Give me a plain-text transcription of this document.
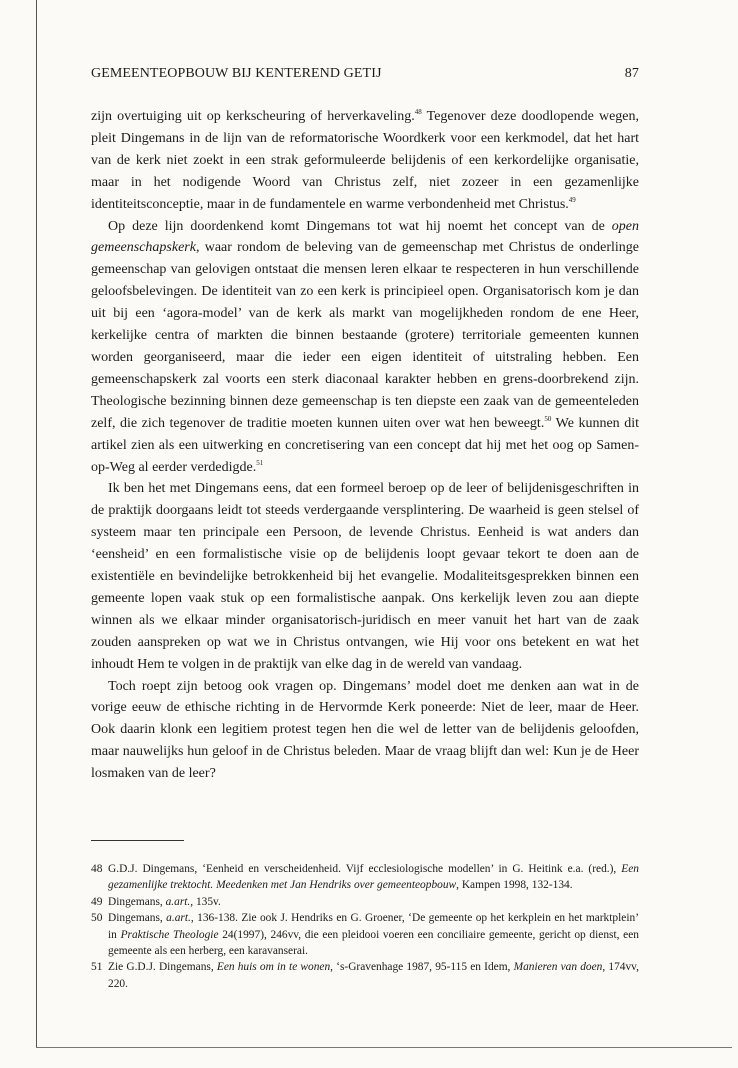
GEMEENTEOPBOUW BIJ KENTEREND GETIJ	87

zijn overtuiging uit op kerkscheuring of herverkaveling.$^{48}$ Tegenover deze doodlopende wegen, pleit Dingemans in de lijn van de reformatorische Woordkerk voor een kerkmodel, dat het hart van de kerk niet zoekt in een strak geformuleerde belijdenis of een kerkordelijke organisatie, maar in het nodigende Woord van Christus zelf, niet zozeer in een gezamenlijke identiteitsconceptie, maar in de fundamentele en warme verbondenheid met Christus.$^{49}$

Op deze lijn doordenkend komt Dingemans tot wat hij noemt het concept van de open gemeenschapskerk, waar rondom de beleving van de gemeenschap met Christus de onderlinge gemeenschap van gelovigen ontstaat die mensen leren elkaar te respecteren in hun verschillende geloofsbelevingen. De identiteit van zo een kerk is principieel open. Organisatorisch kom je dan uit bij een ‘agora-model’ van de kerk als markt van mogelijkheden rondom de ene Heer, kerkelijke centra of markten die binnen bestaande (grotere) territoriale gemeenten kunnen worden georganiseerd, maar die ieder een eigen identiteit of uitstraling hebben. Een gemeenschapskerk zal voorts een sterk diaconaal karakter hebben en grens-doorbrekend zijn. Theologische bezinning binnen deze gemeenschap is ten diepste een zaak van de gemeenteleden zelf, die zich tegenover de traditie moeten kunnen uiten over wat hen beweegt.$^{50}$ We kunnen dit artikel zien als een uitwerking en concretisering van een concept dat hij met het oog op Samen-op-Weg al eerder verdedigde.$^{51}$

Ik ben het met Dingemans eens, dat een formeel beroep op de leer of belijdenisgeschriften in de praktijk doorgaans leidt tot steeds verdergaande versplintering. De waarheid is geen stelsel of systeem maar ten principale een Persoon, de levende Christus. Eenheid is wat anders dan ‘eensheid’ en een formalistische visie op de belijdenis loopt gevaar tekort te doen aan de existentiële en bevindelijke betrokkenheid bij het evangelie. Modaliteitsgesprekken binnen een gemeente lopen vaak stuk op een formalistische aanpak. Ons kerkelijk leven zou aan diepte winnen als we elkaar minder organisatorisch-juridisch en meer vanuit het hart van de zaak zouden aanspreken op wat we in Christus ontvangen, wie Hij voor ons betekent en wat het inhoudt Hem te volgen in de praktijk van elke dag in de wereld van vandaag.

Toch roept zijn betoog ook vragen op. Dingemans’ model doet me denken aan wat in de vorige eeuw de ethische richting in de Hervormde Kerk poneerde: Niet de leer, maar de Heer. Ook daarin klonk een legitiem protest tegen hen die wel de letter van de belijdenis geloofden, maar nauwelijks hun geloof in de Christus beleden. Maar de vraag blijft dan wel: Kun je de Heer losmaken van de leer?

48 G.D.J. Dingemans, ‘Eenheid en verscheidenheid. Vijf ecclesiologische modellen’ in G. Heitink e.a. (red.), Een gezamenlijke trektocht. Meedenken met Jan Hendriks over gemeenteopbouw, Kampen 1998, 132-134.
49 Dingemans, a.art., 135v.
50 Dingemans, a.art., 136-138. Zie ook J. Hendriks en G. Groener, ‘De gemeente op het kerkplein en het marktplein’ in Praktische Theologie 24(1997), 246vv, die een pleidooi voeren een conciliaire gemeente, gericht op dienst, een gemeente als een herberg, een karavanserai.
51 Zie G.D.J. Dingemans, Een huis om in te wonen, ‘s-Gravenhage 1987, 95-115 en Idem, Manieren van doen, 174vv, 220.
